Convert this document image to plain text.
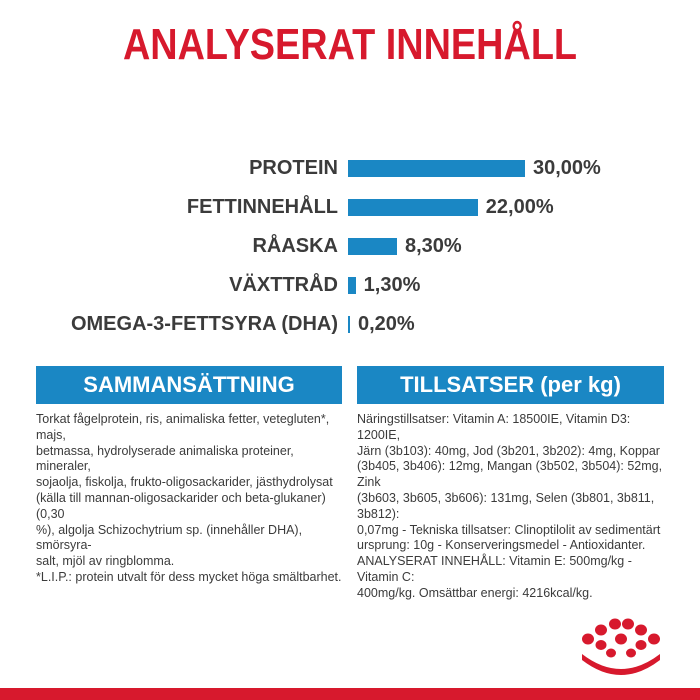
ANALYSERAT INNEHÅLL
PROTEIN	30,00%
FETTINNEHÅLL	22,00%
RÅASKA	8,30%
VÄXTTRÅD 1,30%
OMEGA-3-FETTSYRA (DHA) 0,20%
SAMMANSÄTTNING	TILLSATSER (per kg)
Torkat fågelprotein, ris, animaliska fetter, vetegluten*, majs,
betmassa, hydrolyserade animaliska proteiner, mineraler,
sojaolja, fiskolja, frukto-oligosackarider, jästhydrolysat
(källa till mannan-oligosackarider och beta-glukaner) (0,30
%), algolja Schizochytrium sp. (innehåller DHA), smörsyra-
salt, mjöl av ringblomma.
*L.I.P.: protein utvalt för dess mycket höga smältbarhet.
Näringstillsatser: Vitamin A: 18500IE, Vitamin D3: 1200IE,
Järn (3b103): 40mg, Jod (3b201, 3b202): 4mg, Koppar
(3b405, 3b406): 12mg, Mangan (3b502, 3b504): 52mg, Zink
(3b603, 3b605, 3b606): 131mg, Selen (3b801, 3b811, 3b812):
0,07mg - Tekniska tillsatser: Clinoptilolit av sedimentärt
ursprung: 10g - Konserveringsmedel - Antioxidanter.
ANALYSERAT INNEHÅLL: Vitamin E: 500mg/kg - Vitamin C:
400mg/kg. Omsättbar energi: 4216kcal/kg.
